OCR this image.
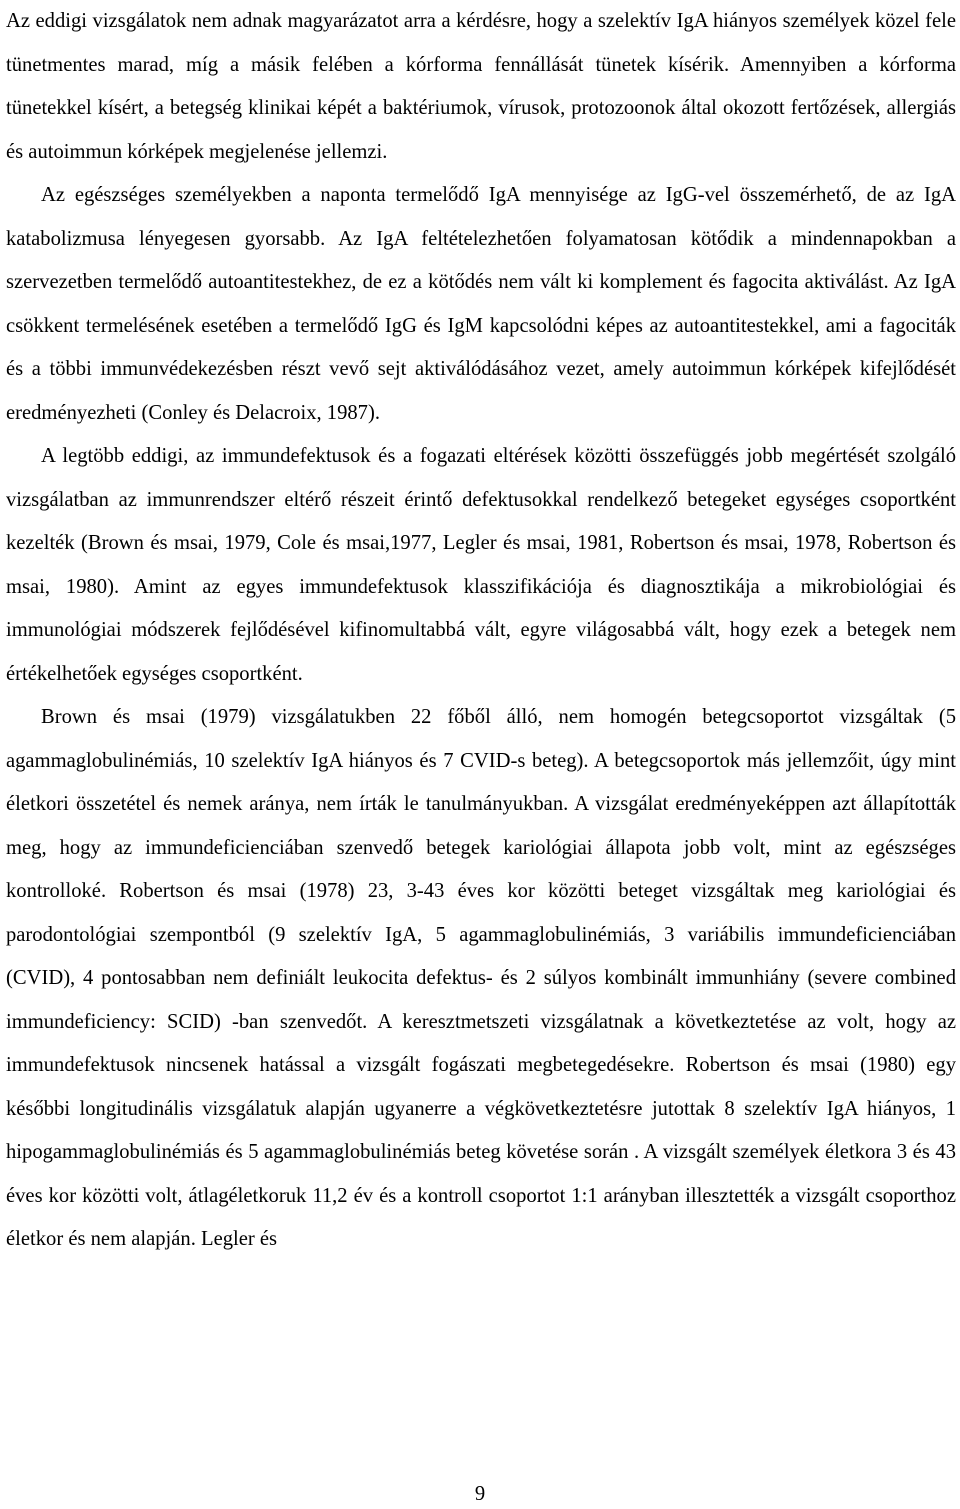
Az eddigi vizsgálatok nem adnak magyarázatot arra a kérdésre, hogy a szelektív IgA hiányos személyek közel fele tünetmentes marad, míg a másik felében a kórforma fennállását tünetek kísérik. Amennyiben a kórforma tünetekkel kísért, a betegség klinikai képét a baktériumok, vírusok, protozoonok által okozott fertőzések, allergiás és autoimmun kórképek megjelenése jellemzi.

Az egészséges személyekben a naponta termelődő IgA mennyisége az IgG-vel összemérhető, de az IgA katabolizmusa lényegesen gyorsabb. Az IgA feltételezhetően folyamatosan kötődik a mindennapokban a szervezetben termelődő autoantitestekhez, de ez a kötődés nem vált ki komplement és fagocita aktiválást. Az IgA csökkent termelésének esetében a termelődő IgG és IgM kapcsolódni képes az autoantitestekkel, ami a fagociták és a többi immunvédekezésben részt vevő sejt aktiválódásához vezet, amely autoimmun kórképek kifejlődését eredményezheti (Conley és Delacroix, 1987).

A legtöbb eddigi, az immundefektusok és a fogazati eltérések közötti összefüggés jobb megértését szolgáló vizsgálatban az immunrendszer eltérő részeit érintő defektusokkal rendelkező betegeket egységes csoportként kezelték (Brown és msai, 1979, Cole és msai,1977, Legler és msai, 1981, Robertson és msai, 1978, Robertson és msai, 1980). Amint az egyes immundefektusok klasszifikációja és diagnosztikája a mikrobiológiai és immunológiai módszerek fejlődésével kifinomultabbá vált, egyre világosabbá vált, hogy ezek a betegek nem értékelhetőek egységes csoportként.

Brown és msai (1979) vizsgálatukben 22 főből álló, nem homogén betegcsoportot vizsgáltak (5 agammaglobulinémiás, 10 szelektív IgA hiányos és 7 CVID-s beteg). A betegcsoportok más jellemzőit, úgy mint életkori összetétel és nemek aránya, nem írták le tanulmányukban. A vizsgálat eredményeképpen azt állapították meg, hogy az immundeficienciában szenvedő betegek kariológiai állapota jobb volt, mint az egészséges kontrolloké. Robertson és msai (1978) 23, 3-43 éves kor közötti beteget vizsgáltak meg kariológiai és parodontológiai szempontból (9 szelektív IgA, 5 agammaglobulinémiás, 3 variábilis immundeficienciában (CVID), 4 pontosabban nem definiált leukocita defektus- és 2 súlyos kombinált immunhiány (severe combined immundeficiency: SCID) -ban szenvedőt. A keresztmetszeti vizsgálatnak a következtetése az volt, hogy az immundefektusok nincsenek hatással a vizsgált fogászati megbetegedésekre. Robertson és msai (1980) egy későbbi longitudinális vizsgálatuk alapján ugyanerre a végkövetkeztetésre jutottak 8 szelektív IgA hiányos, 1 hipogammaglobulinémiás és 5 agammaglobulinémiás beteg követése során . A vizsgált személyek életkora 3 és 43 éves kor közötti volt, átlagéletkoruk 11,2 év és a kontroll csoportot 1:1 arányban illesztették a vizsgált csoporthoz életkor és nem alapján. Legler és

9
